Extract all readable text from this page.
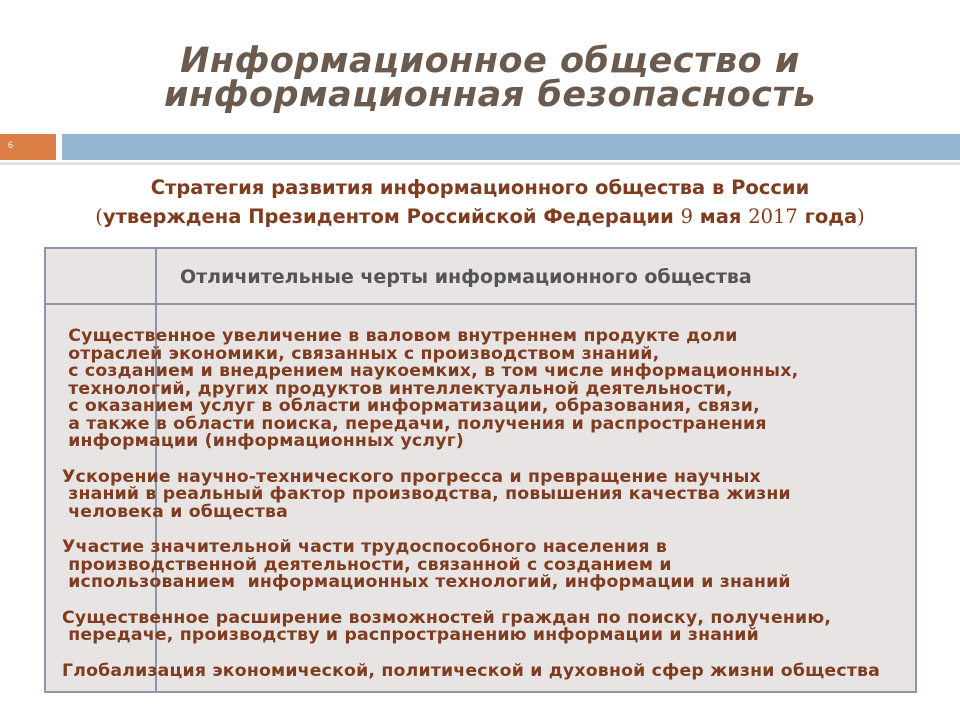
Информационное общество и
информационная безопасность
6
Стратегия развития информационного общества в России
(утверждена Президентом Российской Федерации 9 мая 2017 года)
Отличительные черты информационного общества
Существенное увеличение в валовом внутреннем продукте доли
отраслей экономики, связанных с производством знаний,
с созданием и внедрением наукоемких, в том числе информационных,
технологий, других продуктов интеллектуальной деятельности,
с оказанием услуг в области информатизации, образования, связи,
а также в области поиска, передачи, получения и распространения
информации (информационных услуг)
Ускорение научно-технического прогресса и превращение научных
знаний в реальный фактор производства, повышения качества жизни
человека и общества
Участие значительной части трудоспособного населения в
производственной деятельности, связанной с созданием и
использованием  информационных технологий, информации и знаний
Существенное расширение возможностей граждан по поиску, получению,
передаче, производству и распространению информации и знаний
Глобализация экономической, политической и духовной сфер жизни общества
